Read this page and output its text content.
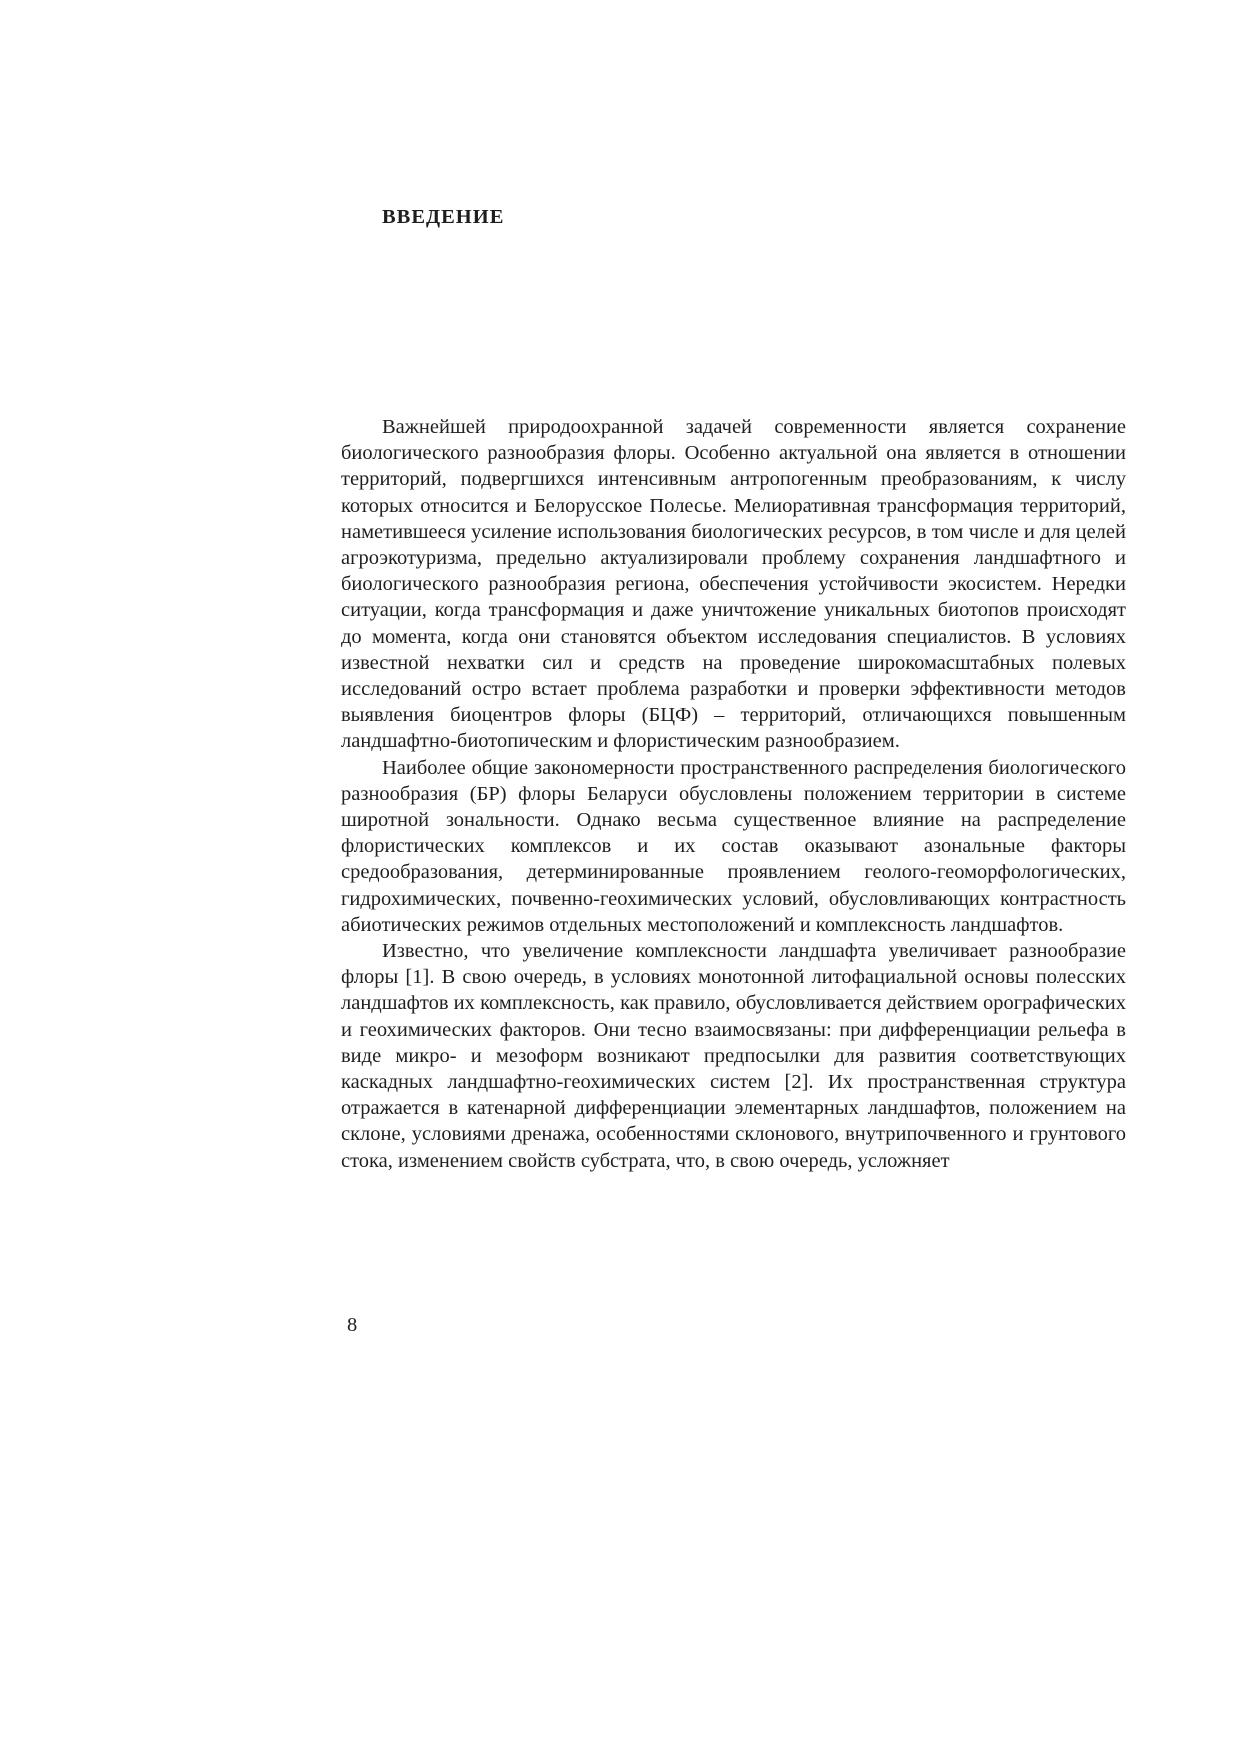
ВВЕДЕНИЕ

Важнейшей природоохранной задачей современности является сохранение биологического разнообразия флоры. Особенно актуальной она является в отношении территорий, подвергшихся интенсивным антропогенным преобразованиям, к числу которых относится и Белорусское Полесье. Мелиоративная трансформация территорий, наметившееся усиление использования биологических ресурсов, в том числе и для целей агроэкотуризма, предельно актуализировали проблему сохранения ландшафтного и биологического разнообразия региона, обеспечения устойчивости экосистем. Нередки ситуации, когда трансформация и даже уничтожение уникальных биотопов происходят до момента, когда они становятся объектом исследования специалистов. В условиях известной нехватки сил и средств на проведение широкомасштабных полевых исследований остро встает проблема разработки и проверки эффективности методов выявления биоцентров флоры (БЦФ) – территорий, отличающихся повышенным ландшафтно-биотопическим и флористическим разнообразием.

Наиболее общие закономерности пространственного распределения биологического разнообразия (БР) флоры Беларуси обусловлены положением территории в системе широтной зональности. Однако весьма существенное влияние на распределение флористических комплексов и их состав оказывают азональные факторы средообразования, детерминированные проявлением геолого-геоморфологических, гидрохимических, почвенно-геохимических условий, обусловливающих контрастность абиотических режимов отдельных местоположений и комплексность ландшафтов.

Известно, что увеличение комплексности ландшафта увеличивает разнообразие флоры [1]. В свою очередь, в условиях монотонной литофациальной основы полесских ландшафтов их комплексность, как правило, обусловливается действием орографических и геохимических факторов. Они тесно взаимосвязаны: при дифференциации рельефа в виде микро- и мезоформ возникают предпосылки для развития соответствующих каскадных ландшафтно-геохимических систем [2]. Их пространственная структура отражается в катенарной дифференциации элементарных ландшафтов, положением на склоне, условиями дренажа, особенностями склонового, внутрипочвенного и грунтового стока, изменением свойств субстрата, что, в свою очередь, усложняет

8
